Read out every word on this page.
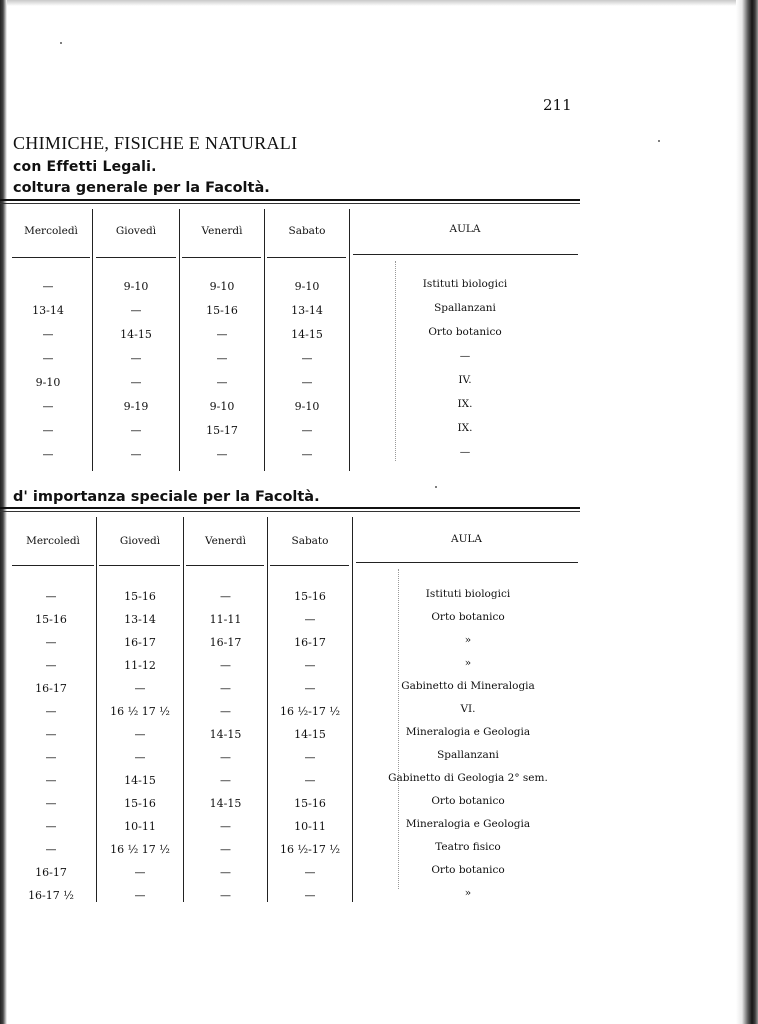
211
CHIMICHE, FISICHE E NATURALI
con Effetti Legali.
coltura generale per la Facoltà.
Mercoledì	Giovedì	Venerdì	Sabato	AULA
—	9-10	9-10	9-10	Istituti biologici
13-14	—	15-16	13-14	Spallanzani
—	14-15	—	14-15	Orto botanico
—	—	—	—	—
9-10	—	—	—	IV.
—	9-19	9-10	9-10	IX.
—	—	15-17	—	IX.
—	—	—	—	—
d' importanza speciale per la Facoltà.
Mercoledì	Giovedì	Venerdì	Sabato	AULA
—	15-16	—	15-16	Istituti biologici
15-16	13-14	11-11	—	Orto botanico
—	16-17	16-17	16-17	»
—	11-12	—	—	»
16-17	—	—	—	Gabinetto di Mineralogia
—	16 ½ 17 ½	—	16 ½-17 ½	VI.
—	—	14-15	14-15	Mineralogia e Geologia
—	—	—	—	Spallanzani
—	14-15	—	—	Gabinetto di Geologia 2° sem.
—	15-16	14-15	15-16	Orto botanico
—	10-11	—	10-11	Mineralogia e Geologia
—	16 ½ 17 ½	—	16 ½-17 ½	Teatro fisico
16-17	—	—	—	Orto botanico
16-17 ½	—	—	—	»
